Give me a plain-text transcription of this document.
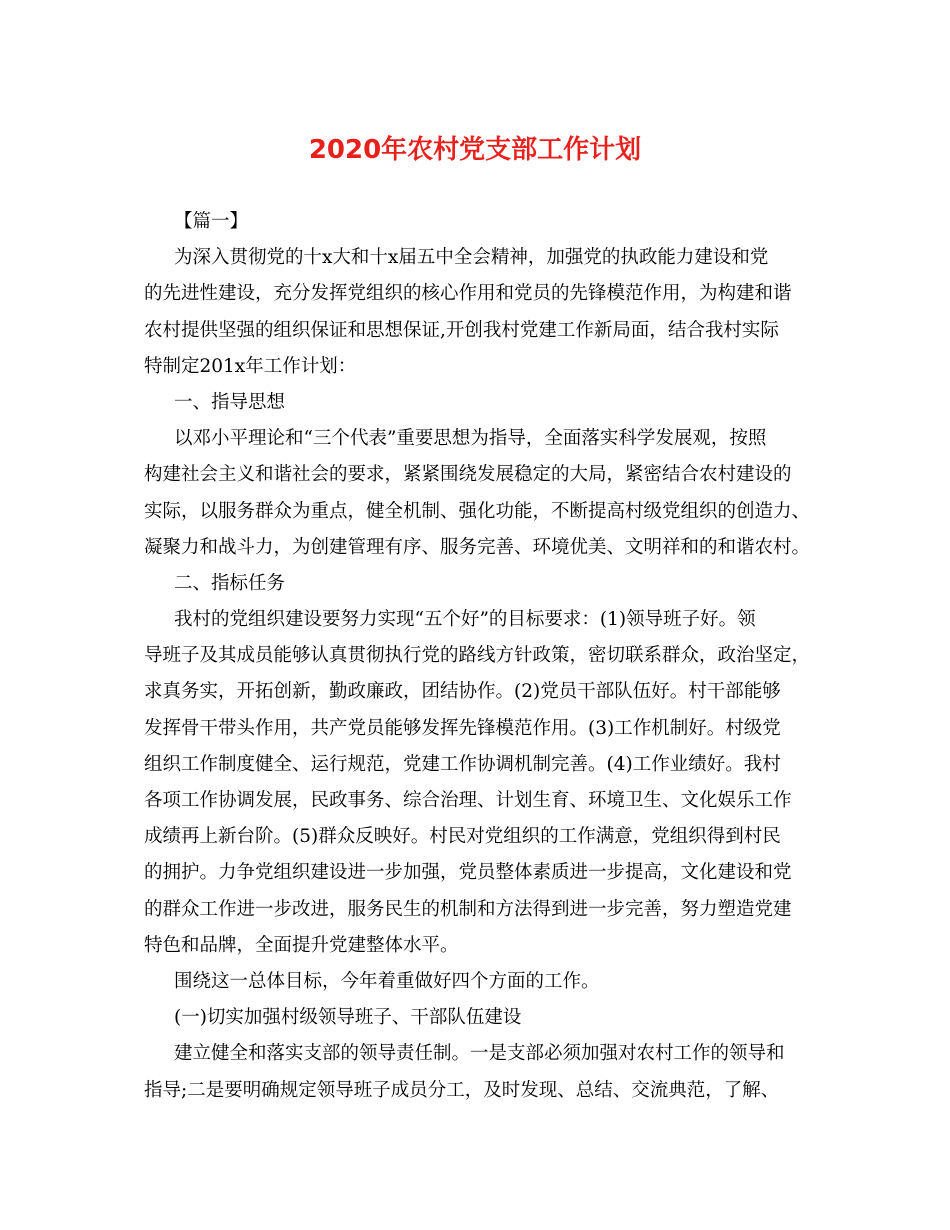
2020年农村党支部工作计划
【篇一】
为深入贯彻党的十x大和十x届五中全会精神，加强党的执政能力建设和党
的先进性建设，充分发挥党组织的核心作用和党员的先锋模范作用，为构建和谐
农村提供坚强的组织保证和思想保证,开创我村党建工作新局面，结合我村实际
特制定201x年工作计划：
一、指导思想
以邓小平理论和“三个代表”重要思想为指导，全面落实科学发展观，按照
构建社会主义和谐社会的要求，紧紧围绕发展稳定的大局，紧密结合农村建设的
实际，以服务群众为重点，健全机制、强化功能，不断提高村级党组织的创造力、
凝聚力和战斗力，为创建管理有序、服务完善、环境优美、文明祥和的和谐农村。
二、指标任务
我村的党组织建设要努力实现“五个好”的目标要求：(1)领导班子好。领
导班子及其成员能够认真贯彻执行党的路线方针政策，密切联系群众，政治坚定，
求真务实，开拓创新，勤政廉政，团结协作。(2)党员干部队伍好。村干部能够
发挥骨干带头作用，共产党员能够发挥先锋模范作用。(3)工作机制好。村级党
组织工作制度健全、运行规范，党建工作协调机制完善。(4)工作业绩好。我村
各项工作协调发展，民政事务、综合治理、计划生育、环境卫生、文化娱乐工作
成绩再上新台阶。(5)群众反映好。村民对党组织的工作满意，党组织得到村民
的拥护。力争党组织建设进一步加强，党员整体素质进一步提高，文化建设和党
的群众工作进一步改进，服务民生的机制和方法得到进一步完善，努力塑造党建
特色和品牌，全面提升党建整体水平。
围绕这一总体目标，今年着重做好四个方面的工作。
(一)切实加强村级领导班子、干部队伍建设
建立健全和落实支部的领导责任制。一是支部必须加强对农村工作的领导和
指导;二是要明确规定领导班子成员分工，及时发现、总结、交流典范，了解、
